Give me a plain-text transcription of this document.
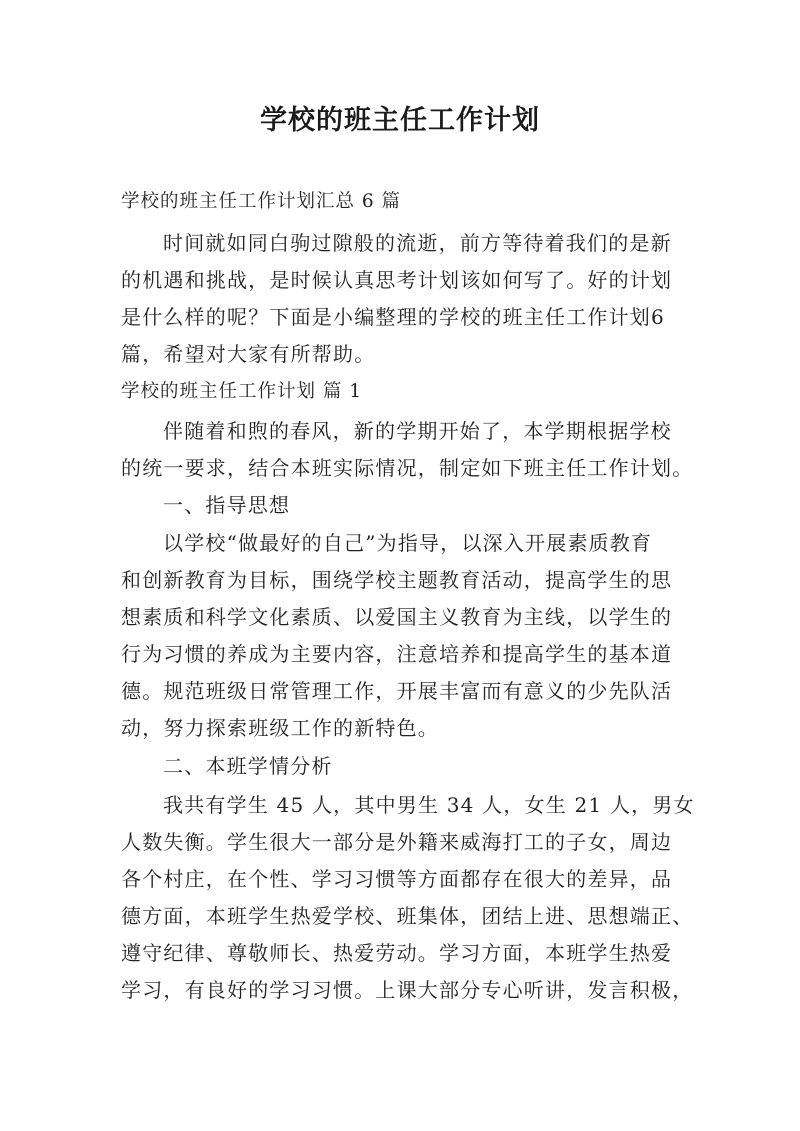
学校的班主任工作计划
学校的班主任工作计划汇总 6 篇
时间就如同白驹过隙般的流逝，前方等待着我们的是新
的机遇和挑战，是时候认真思考计划该如何写了。好的计划
是什么样的呢？下面是小编整理的学校的班主任工作计划6
篇，希望对大家有所帮助。
学校的班主任工作计划 篇 1
伴随着和煦的春风，新的学期开始了，本学期根据学校
的统一要求，结合本班实际情况，制定如下班主任工作计划。
一、指导思想
以学校“做最好的自己”为指导，以深入开展素质教育
和创新教育为目标，围绕学校主题教育活动，提高学生的思
想素质和科学文化素质、以爱国主义教育为主线，以学生的
行为习惯的养成为主要内容，注意培养和提高学生的基本道
德。规范班级日常管理工作，开展丰富而有意义的少先队活
动，努力探索班级工作的新特色。
二、本班学情分析
我共有学生 45 人，其中男生 34 人，女生 21 人，男女
人数失衡。学生很大一部分是外籍来威海打工的子女，周边
各个村庄，在个性、学习习惯等方面都存在很大的差异，品
德方面，本班学生热爱学校、班集体，团结上进、思想端正、
遵守纪律、尊敬师长、热爱劳动。学习方面，本班学生热爱
学习，有良好的学习习惯。上课大部分专心听讲，发言积极，
